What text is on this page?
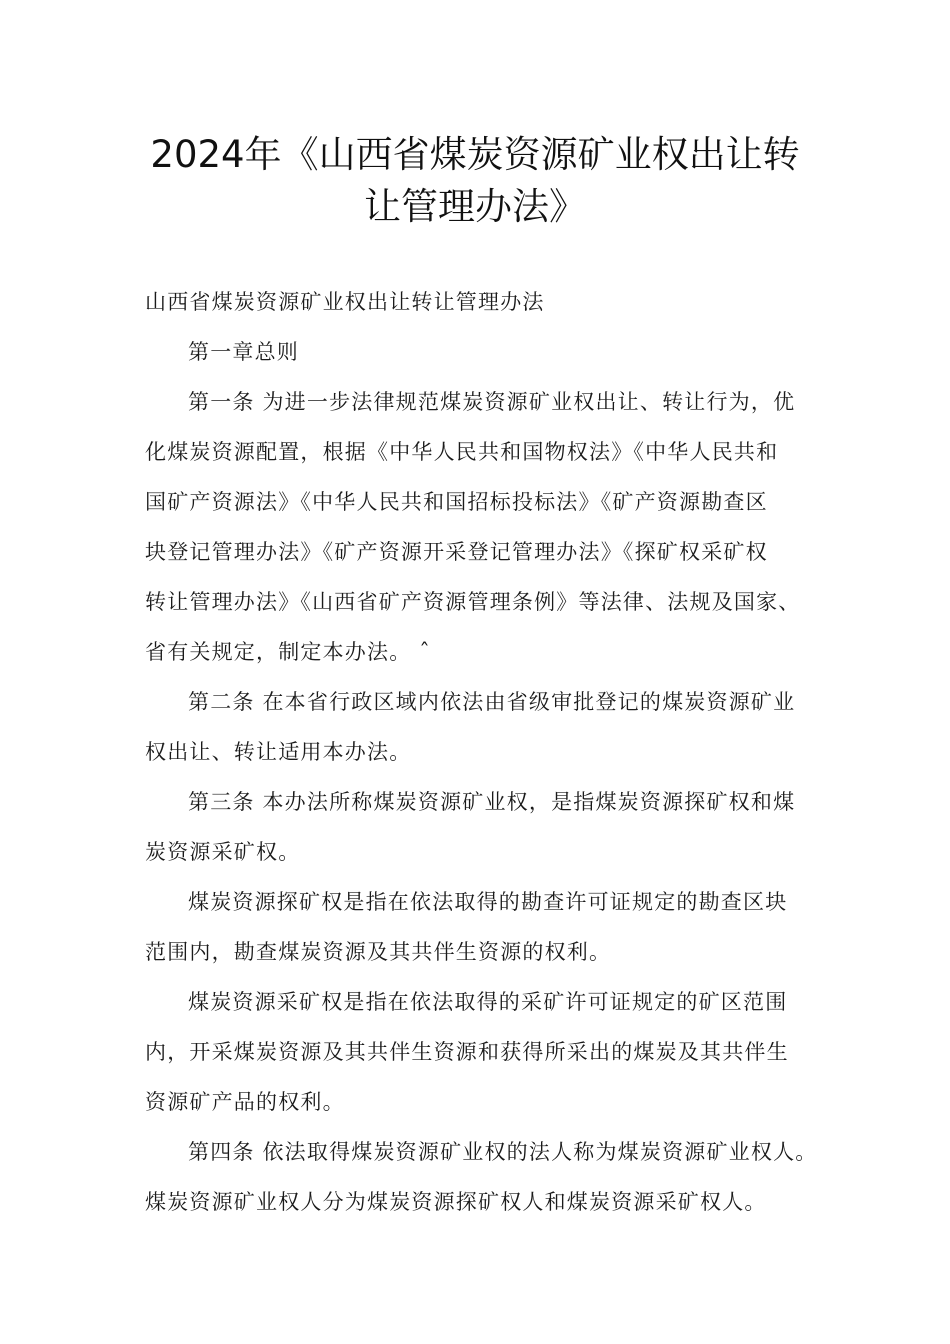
2024年《山西省煤炭资源矿业权出让转
让管理办法》
山西省煤炭资源矿业权出让转让管理办法
第一章总则
第一条 为进一步法律规范煤炭资源矿业权出让、转让行为，优
化煤炭资源配置，根据《中华人民共和国物权法》《中华人民共和
国矿产资源法》《中华人民共和国招标投标法》《矿产资源勘查区
块登记管理办法》《矿产资源开采登记管理办法》《探矿权采矿权
转让管理办法》《山西省矿产资源管理条例》等法律、法规及国家、
省有关规定，制定本办法。 ˆ
第二条 在本省行政区域内依法由省级审批登记的煤炭资源矿业
权出让、转让适用本办法。
第三条 本办法所称煤炭资源矿业权，是指煤炭资源探矿权和煤
炭资源采矿权。
煤炭资源探矿权是指在依法取得的勘查许可证规定的勘查区块
范围内，勘查煤炭资源及其共伴生资源的权利。
煤炭资源采矿权是指在依法取得的采矿许可证规定的矿区范围
内，开采煤炭资源及其共伴生资源和获得所采出的煤炭及其共伴生
资源矿产品的权利。
第四条 依法取得煤炭资源矿业权的法人称为煤炭资源矿业权人。
煤炭资源矿业权人分为煤炭资源探矿权人和煤炭资源采矿权人。
